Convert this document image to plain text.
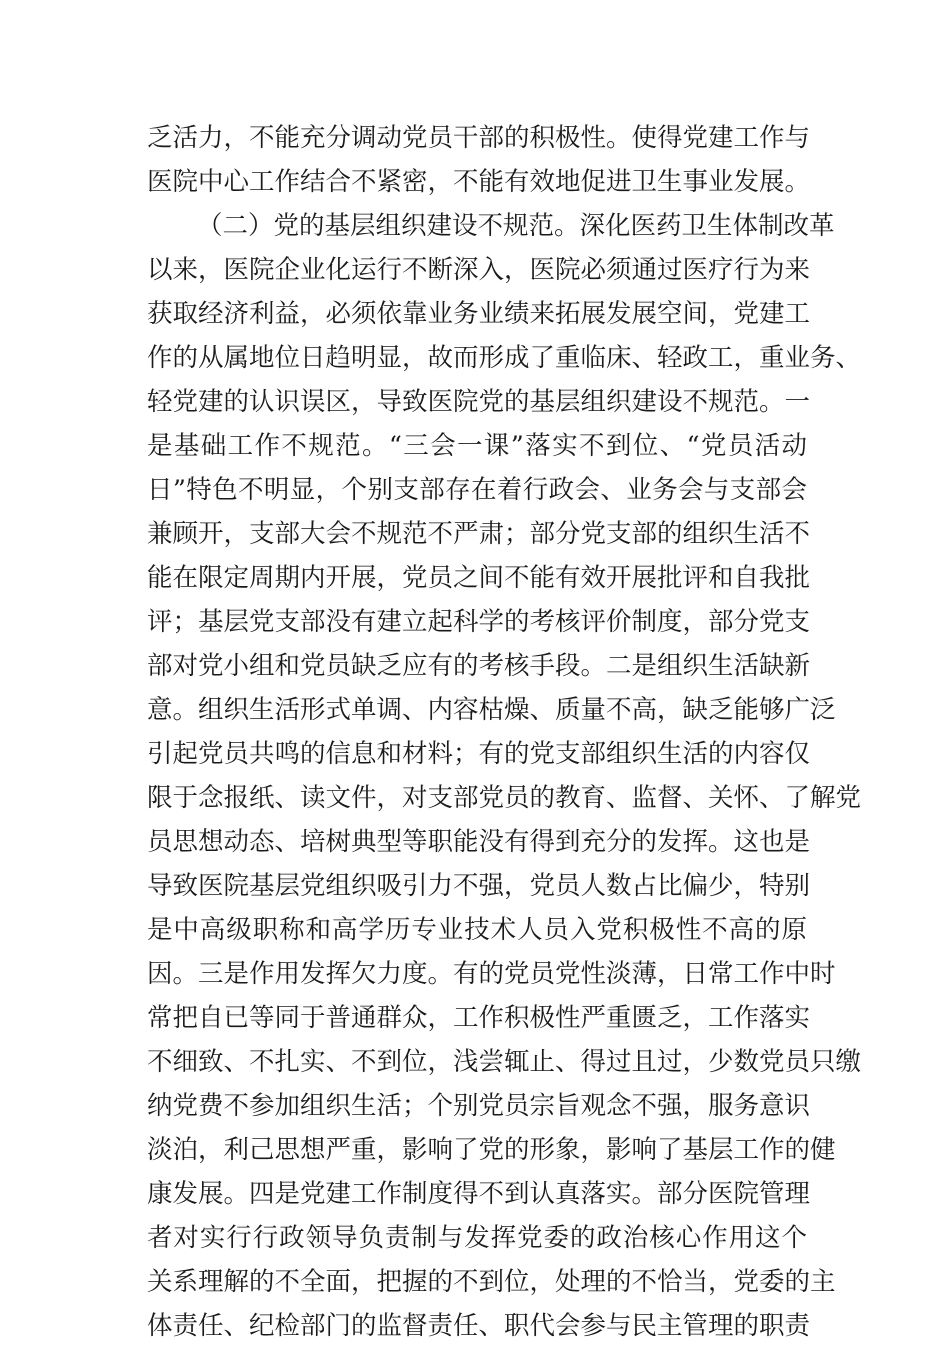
乏活力，不能充分调动党员干部的积极性。使得党建工作与
医院中心工作结合不紧密，不能有效地促进卫生事业发展。
（二）党的基层组织建设不规范。深化医药卫生体制改革
以来，医院企业化运行不断深入，医院必须通过医疗行为来
获取经济利益，必须依靠业务业绩来拓展发展空间，党建工
作的从属地位日趋明显，故而形成了重临床、轻政工，重业务、
轻党建的认识误区，导致医院党的基层组织建设不规范。一
是基础工作不规范。“三会一课”落实不到位、“党员活动
日”特色不明显，个别支部存在着行政会、业务会与支部会
兼顾开，支部大会不规范不严肃；部分党支部的组织生活不
能在限定周期内开展，党员之间不能有效开展批评和自我批
评；基层党支部没有建立起科学的考核评价制度，部分党支
部对党小组和党员缺乏应有的考核手段。二是组织生活缺新
意。组织生活形式单调、内容枯燥、质量不高，缺乏能够广泛
引起党员共鸣的信息和材料；有的党支部组织生活的内容仅
限于念报纸、读文件，对支部党员的教育、监督、关怀、了解党
员思想动态、培树典型等职能没有得到充分的发挥。这也是
导致医院基层党组织吸引力不强，党员人数占比偏少，特别
是中高级职称和高学历专业技术人员入党积极性不高的原
因。三是作用发挥欠力度。有的党员党性淡薄，日常工作中时
常把自已等同于普通群众，工作积极性严重匮乏，工作落实
不细致、不扎实、不到位，浅尝辄止、得过且过，少数党员只缴
纳党费不参加组织生活；个别党员宗旨观念不强，服务意识
淡泊，利己思想严重，影响了党的形象，影响了基层工作的健
康发展。四是党建工作制度得不到认真落实。部分医院管理
者对实行行政领导负责制与发挥党委的政治核心作用这个
关系理解的不全面，把握的不到位，处理的不恰当，党委的主
体责任、纪检部门的监督责任、职代会参与民主管理的职责
